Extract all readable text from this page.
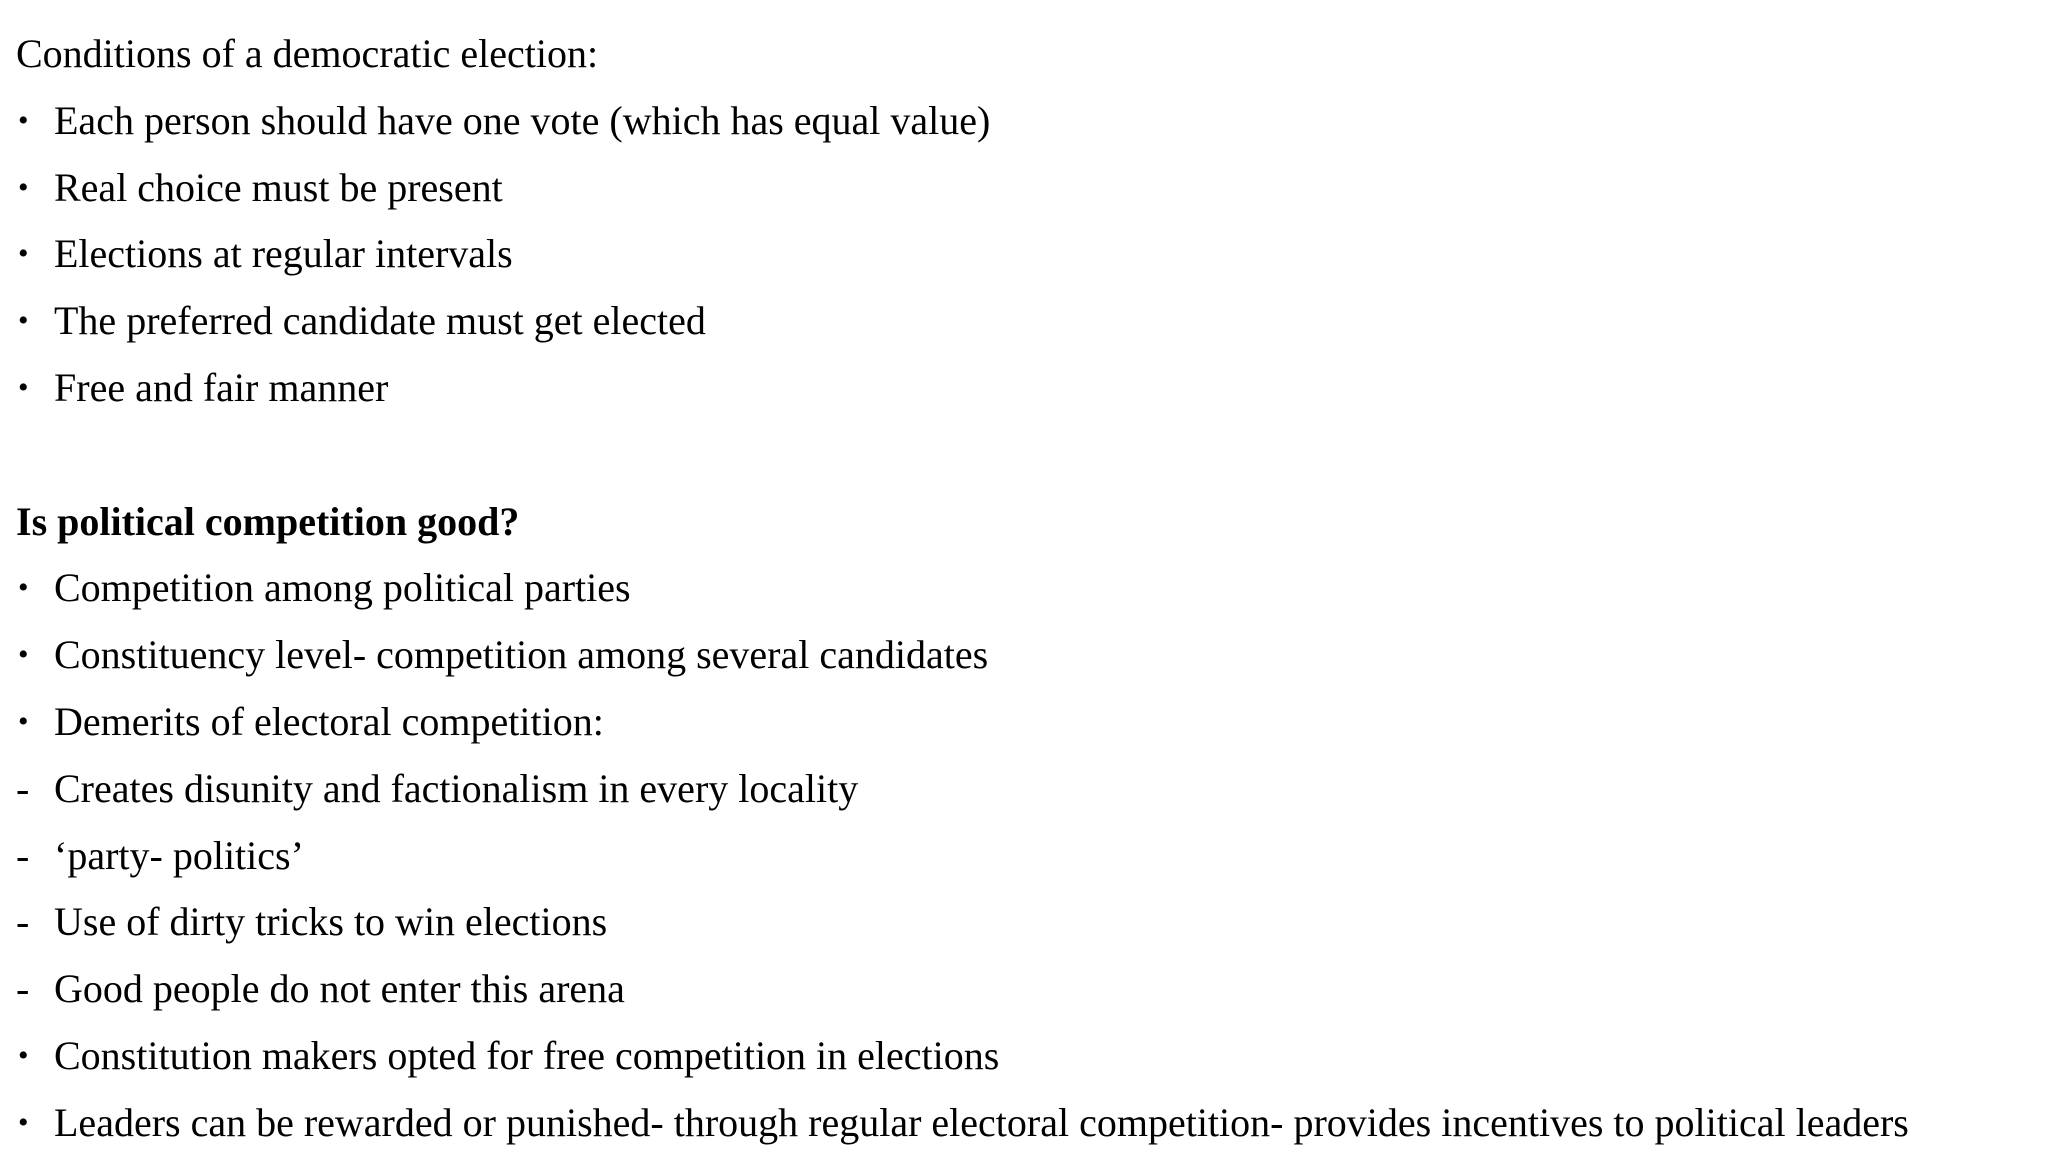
Conditions of a democratic election:
• Each person should have one vote (which has equal value)
• Real choice must be present
• Elections at regular intervals
• The preferred candidate must get elected
• Free and fair manner
Is political competition good?
• Competition among political parties
• Constituency level- competition among several candidates
• Demerits of electoral competition:
- Creates disunity and factionalism in every locality
- ‘party- politics’
- Use of dirty tricks to win elections
- Good people do not enter this arena
• Constitution makers opted for free competition in elections
• Leaders can be rewarded or punished- through regular electoral competition- provides incentives to political leaders
